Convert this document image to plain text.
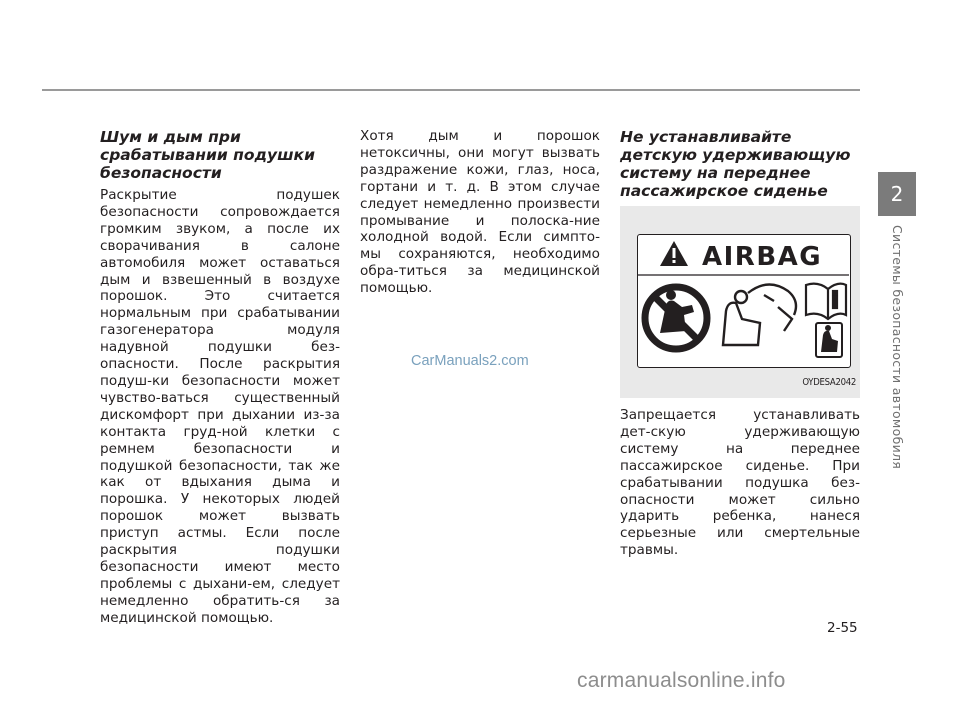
Шум и дым при срабатывании подушки безопасности

Раскрытие подушек безопасности сопровождается громким звуком, а после их сворачивания в салоне автомобиля может оставаться дым и взвешенный в воздухе порошок. Это считается нормальным при срабатывании газогенератора модуля надувной подушки без-опасности. После раскрытия подуш-ки безопасности может чувство-ваться существенный дискомфорт при дыхании из-за контакта груд-ной клетки с ремнем безопасности и подушкой безопасности, так же как от вдыхания дыма и порошка. У некоторых людей порошок может вызвать приступ астмы. Если после раскрытия подушки безопасности имеют место проблемы с дыхани-ем, следует немедленно обратить-ся за медицинской помощью.

Хотя дым и порошок нетоксичны, они могут вызвать раздражение кожи, глаз, носа, гортани и т. д. В этом случае следует немедленно произвести промывание и полоска-ние холодной водой. Если симпто-мы сохраняются, необходимо обра-титься за медицинской помощью.

Не устанавливайте детскую удерживающую систему на переднее пассажирское сиденье
AIRBAG
OYDESA2042

Запрещается устанавливать дет-скую удерживающую систему на переднее пассажирское сиденье. При срабатывании подушка без-опасности может сильно ударить ребенка, нанеся серьезные или смертельные травмы.

CarManuals2.com
2
Системы безопасности автомобиля
2-55
carmanualsonline.info
